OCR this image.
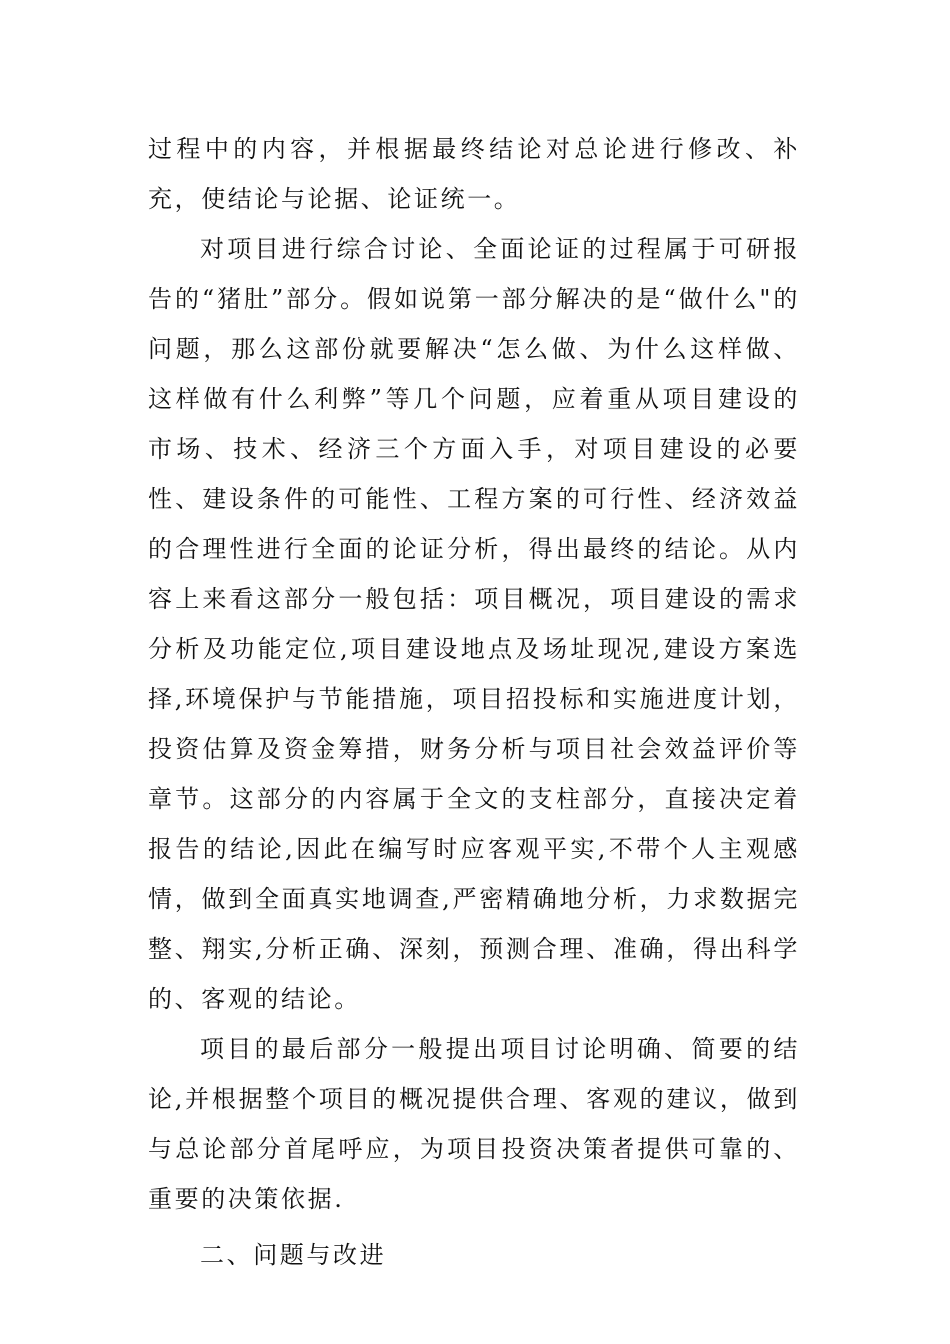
过程中的内容，并根据最终结论对总论进行修改、补充，使结论与论据、论证统一。

对项目进行综合讨论、全面论证的过程属于可研报告的“猪肚”部分。假如说第一部分解决的是“做什么"的问题，那么这部份就要解决“怎么做、为什么这样做、这样做有什么利弊”等几个问题，应着重从项目建设的市场、技术、经济三个方面入手，对项目建设的必要性、建设条件的可能性、工程方案的可行性、经济效益的合理性进行全面的论证分析，得出最终的结论。从内容上来看这部分一般包括：项目概况，项目建设的需求分析及功能定位,项目建设地点及场址现况,建设方案选择,环境保护与节能措施，项目招投标和实施进度计划，投资估算及资金筹措，财务分析与项目社会效益评价等章节。这部分的内容属于全文的支柱部分，直接决定着报告的结论,因此在编写时应客观平实,不带个人主观感情，做到全面真实地调查,严密精确地分析，力求数据完整、翔实,分析正确、深刻，预测合理、准确，得出科学的、客观的结论。

项目的最后部分一般提出项目讨论明确、简要的结论,并根据整个项目的概况提供合理、客观的建议，做到与总论部分首尾呼应，为项目投资决策者提供可靠的、重要的决策依据.

二、问题与改进
